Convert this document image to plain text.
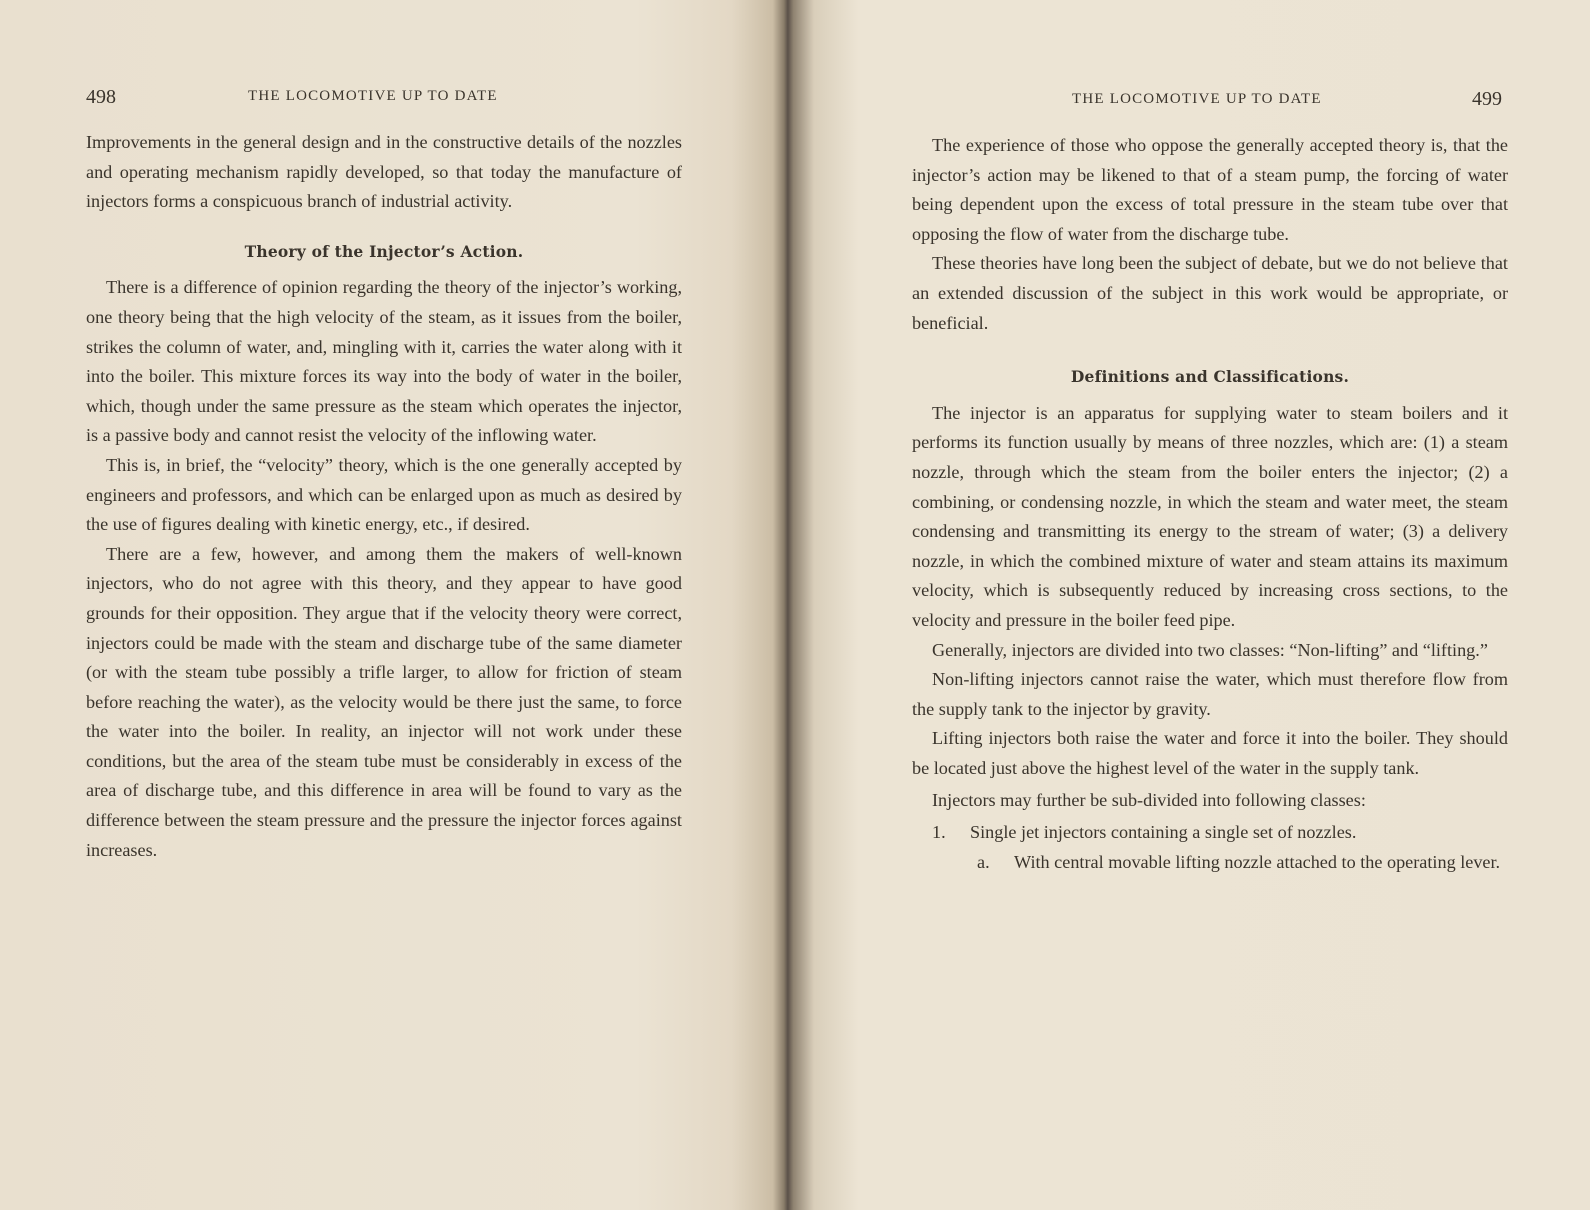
498	THE LOCOMOTIVE UP TO DATE

Improvements in the general design and in the constructive details of the nozzles and operating mechanism rapidly developed, so that today the manufacture of injectors forms a conspicuous branch of industrial activity.

Theory of the Injector’s Action.

There is a difference of opinion regarding the theory of the injector’s working, one theory being that the high velocity of the steam, as it issues from the boiler, strikes the column of water, and, mingling with it, carries the water along with it into the boiler. This mixture forces its way into the body of water in the boiler, which, though under the same pressure as the steam which operates the injector, is a passive body and cannot resist the velocity of the inflowing water.

This is, in brief, the “velocity” theory, which is the one generally accepted by engineers and professors, and which can be enlarged upon as much as desired by the use of figures dealing with kinetic energy, etc., if desired.

There are a few, however, and among them the makers of well-known injectors, who do not agree with this theory, and they appear to have good grounds for their opposition. They argue that if the velocity theory were correct, injectors could be made with the steam and discharge tube of the same diameter (or with the steam tube possibly a trifle larger, to allow for friction of steam before reaching the water), as the velocity would be there just the same, to force the water into the boiler. In reality, an injector will not work under these conditions, but the area of the steam tube must be considerably in excess of the area of discharge tube, and this difference in area will be found to vary as the difference between the steam pressure and the pressure the injector forces against increases.

THE LOCOMOTIVE UP TO DATE	499

The experience of those who oppose the generally accepted theory is, that the injector’s action may be likened to that of a steam pump, the forcing of water being dependent upon the excess of total pressure in the steam tube over that opposing the flow of water from the discharge tube.

These theories have long been the subject of debate, but we do not believe that an extended discussion of the subject in this work would be appropriate, or beneficial.

Definitions and Classifications.

The injector is an apparatus for supplying water to steam boilers and it performs its function usually by means of three nozzles, which are: (1) a steam nozzle, through which the steam from the boiler enters the injector; (2) a combining, or condensing nozzle, in which the steam and water meet, the steam condensing and transmitting its energy to the stream of water; (3) a delivery nozzle, in which the combined mixture of water and steam attains its maximum velocity, which is subsequently reduced by increasing cross sections, to the velocity and pressure in the boiler feed pipe.

Generally, injectors are divided into two classes: “Non-lifting” and “lifting.”

Non-lifting injectors cannot raise the water, which must therefore flow from the supply tank to the injector by gravity.

Lifting injectors both raise the water and force it into the boiler. They should be located just above the highest level of the water in the supply tank.

Injectors may further be sub-divided into following classes:

1. Single jet injectors containing a single set of nozzles.
a.	With central movable lifting nozzle attached to the operating lever.
